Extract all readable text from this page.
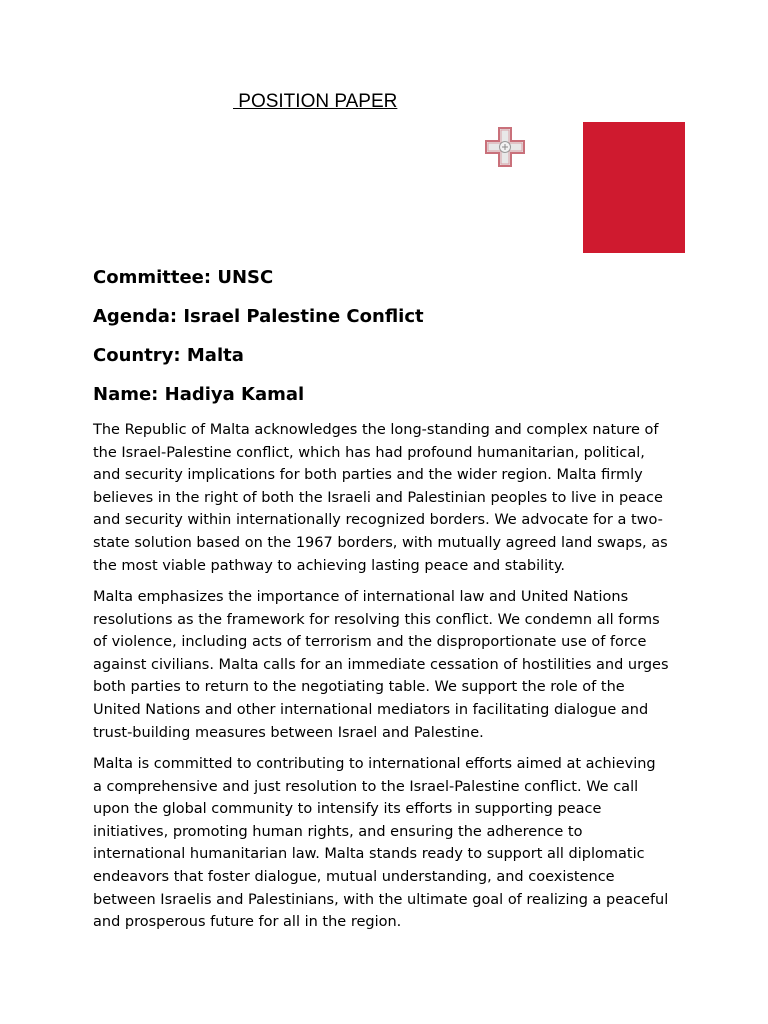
POSITION PAPER
Committee: UNSC
Agenda: Israel Palestine Conflict
Country: Malta
Name: Hadiya Kamal

The Republic of Malta acknowledges the long-standing and complex nature of
the Israel-Palestine conflict, which has had profound humanitarian, political,
and security implications for both parties and the wider region. Malta firmly
believes in the right of both the Israeli and Palestinian peoples to live in peace
and security within internationally recognized borders. We advocate for a two-
state solution based on the 1967 borders, with mutually agreed land swaps, as
the most viable pathway to achieving lasting peace and stability.

Malta emphasizes the importance of international law and United Nations
resolutions as the framework for resolving this conflict. We condemn all forms
of violence, including acts of terrorism and the disproportionate use of force
against civilians. Malta calls for an immediate cessation of hostilities and urges
both parties to return to the negotiating table. We support the role of the
United Nations and other international mediators in facilitating dialogue and
trust-building measures between Israel and Palestine.

Malta is committed to contributing to international efforts aimed at achieving
a comprehensive and just resolution to the Israel-Palestine conflict. We call
upon the global community to intensify its efforts in supporting peace
initiatives, promoting human rights, and ensuring the adherence to
international humanitarian law. Malta stands ready to support all diplomatic
endeavors that foster dialogue, mutual understanding, and coexistence
between Israelis and Palestinians, with the ultimate goal of realizing a peaceful
and prosperous future for all in the region.
